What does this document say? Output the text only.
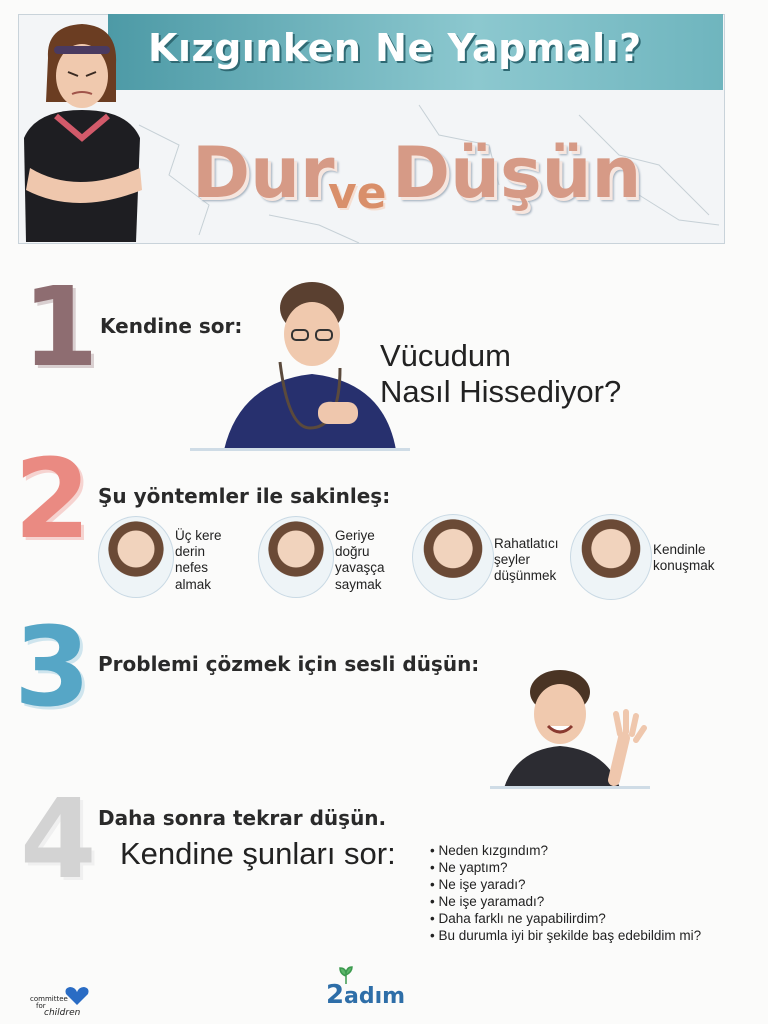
Kızgınken Ne Yapmalı?
Dur
ve Düşün
1 Kendine sor:
Vücudum
Nasıl Hissediyor?
2 Şu yöntemler ile sakinleş:
Üç kere
derin
nefes
almak
Geriye
doğru
yavaşça
saymak
Rahatlatıcı
şeyler
düşünmek
Kendinle
konuşmak
3 Problemi çözmek için sesli düşün:
4 Daha sonra tekrar düşün.
Kendine şunları sor:
•	Neden kızgındım?
• Ne yaptım?
• Ne işe yaradı?
• Ne işe yaramadı?
• Daha farklı ne yapabilirdim?
• Bu durumla iyi bir şekilde baş edebildim mi?
committee
for
children
2 adım
